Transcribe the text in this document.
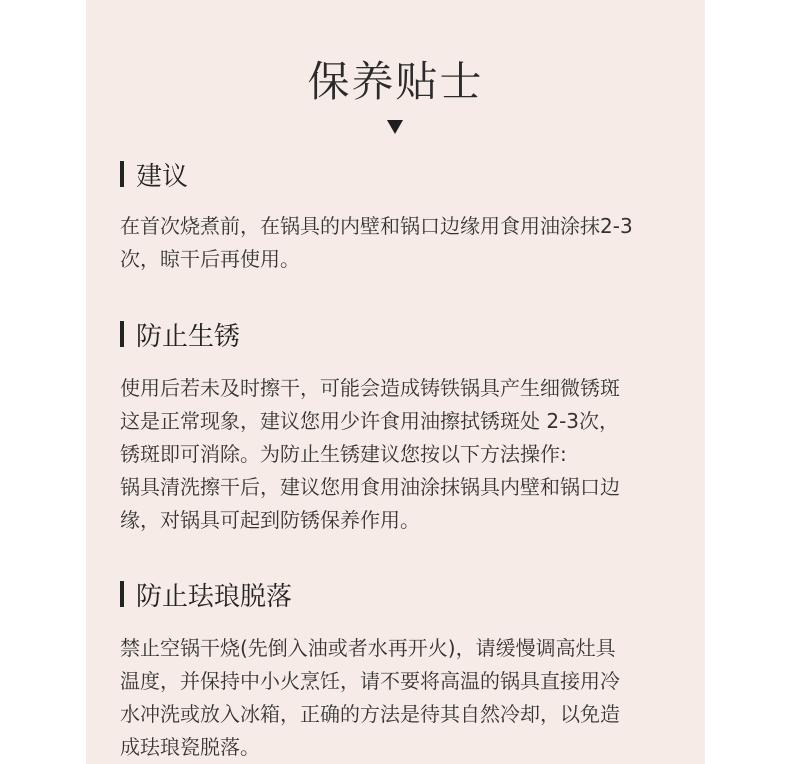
保养贴士
建议
在首次烧煮前，在锅具的内壁和锅口边缘用食用油涂抹2-3
次，晾干后再使用。
防止生锈
使用后若未及时擦干，可能会造成铸铁锅具产生细微锈斑
这是正常现象，建议您用少许食用油擦拭锈斑处 2-3次，
锈斑即可消除。为防止生锈建议您按以下方法操作:
锅具清洗擦干后，建议您用食用油涂抹锅具内壁和锅口边
缘，对锅具可起到防锈保养作用。
防止珐琅脱落
禁止空锅干烧(先倒入油或者水再开火)，请缓慢调高灶具
温度，并保持中小火烹饪，请不要将高温的锅具直接用冷
水冲洗或放入冰箱，正确的方法是待其自然冷却，以免造
成珐琅瓷脱落。
